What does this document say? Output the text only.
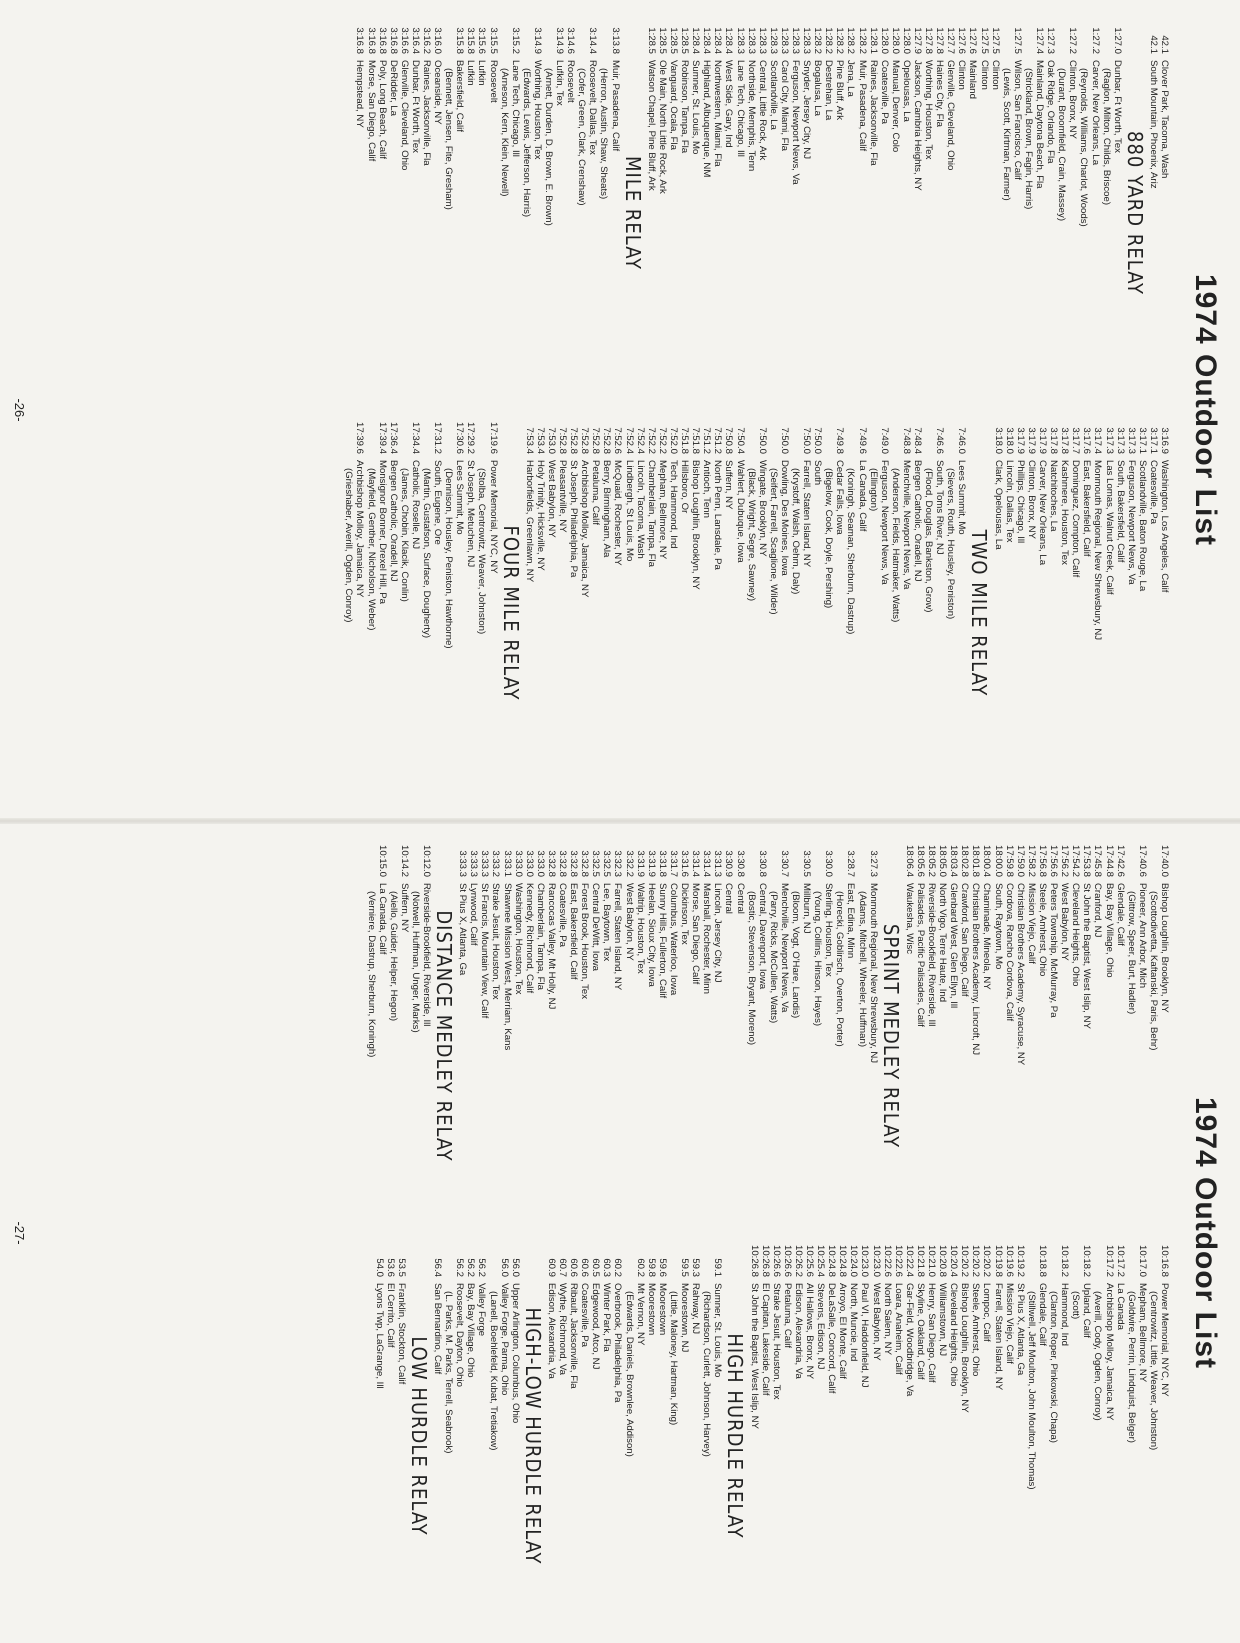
1974 Outdoor List
42.1
Clover Park, Tacoma, Wash
42.1
South Mountain, Phoenix, Ariz
880 YARD RELAY
1:27.0
Dunbar, Ft Worth, Tex
(Raglon, Milton, Childs, Briscoe)
1:27.2
Carver, New Orleans, La
(Reynolds, Williams, Charlot, Woods)
1:27.2
Clinton, Bronx, NY
(Durant, Broomfield, Crain, Massey)
1:27.3
Oak Ridge, Orlando, Fla
1:27.4
Mainland, Daytona Beach, Fla
(Strickland, Brown, Fagin, Harris)
1:27.5
Wilson, San Francisco, Calif
(Lewis, Scott, Kirtman, Farmer)
1:27.5
Clinton
1:27.5
Clinton
1:27.6
Mainland
1:27.6
Clinton
1:27.7
Glenville, Cleveland, Ohio
1:27.8
Haines City, Fla
1:27.8
Worthing, Houston, Tex
1:27.9
Jackson, Cambria Heights, NY
1:28.0
Opelousas, La
1:28.0
Manual, Denver, Colo
1:28.0
Coatesville, Pa
1:28.1
Raines, Jacksonville, Fla
1:28.2
Muir, Pasadena, Calif
1:28.2
Jena, La
1:28.2
Pine Bluff, Ark
1:28.2
Destrehan, La
1:28.2
Bogalusa, La
1:28.3
Snyder, Jersey City, NJ
1:28.3
Ferguson, Newport News, Va
1:28.3
Carol City, Miami, Fla
1:28.3
Scotlandville, La
1:28.3
Central, Little Rock, Ark
1:28.3
Northside, Memphis, Tenn
1:28.3
Lane Tech, Chicago, Ill
1:28.4
West Side, Gary, Ind
1:28.4
Northwestern, Miami, Fla
1:28.4
Highland, Albuquerque, NM
1:28.4
Sumner, St. Louis, Mo
1:28.5
Robinson, Tampa, Fla
1:28.5
Vanguard, Ocala, Fla
1:28.5
Ole Main, North Little Rock, Ark
1:28.5
Watson Chapel, Pine Bluff, Ark
MILE RELAY
3:13.8
Muir, Pasadena, Calif
(Herron, Austin, Shaw, Sheats)
3:14.4
Roosevelt, Dallas, Tex
(Cofer, Green, Clark, Crenshaw)
3:14.6
Roosevelt
3:14.9
Lufkin, Tex
(Arnett, Durden, D. Brown, E. Brown)
3:14.9
Worthing, Houston, Tex
(Edwards, Lewis, Jefferson, Harris)
3:15.2
Lane Tech, Chicago, Ill
(Arneson, Kern, Klein, Newell)
3:15.5
Roosevelt
3:15.6
Lufkin
3:15.8
Lufkin
3:15.8
Bakersfield, Calif
(Bennett, Jensen, Fite, Gresham)
3:16.0
Oceanside, NY
3:16.2
Raines, Jacksonville, Fla
3:16.4
Dunbar, Ft Worth, Tex
3:16.6
Glenville, Cleveland, Ohio
3:16.8
DeRidder, La
3:16.8
Poly, Long Beach, Calif
3:16.8
Morse, San Diego, Calif
3:16.8
Hempstead, NY
3:16.9
Washington, Los Angeles, Calif
3:17.1
Coatesville, Pa
3:17.1
Scotlandville, Baton Rouge, La
3:17.3
Ferguson, Newport News, Va
3:17.3
South, Bakersfield, Calif
3:17.3
Las Lomas, Walnut Creek, Calif
3:17.4
Monmouth Regional, New Shrewsbury, NJ
3:17.6
East, Bakersfield, Calif
3:17.7
Dominguez, Compton, Calif
3:17.8
Kashmere, Houston, Tex
3:17.8
Natchitoches, La
3:17.9
Carver, New Orleans, La
3:17.9
Clinton, Bronx, NY
3:17.9
Phillips, Chicago, Ill
3:18.0
Lincoln, Dallas, Tex
3:18.0
Clark, Opelousas, La
TWO MILE RELAY
7:46.0
Lees Summit, Mo
(Sievers, Routh, Housley, Peniston)
7:46.6
South, Toms River, NJ
(Flood, Douglas, Bankston, Grow)
7:48.4
Bergen Catholic, Oradell, NJ
7:48.8
Menchville, Newport News, Va
(Anderson, Fields, Hatmaker, Watts)
7:49.0
Ferguson, Newport News, Va
(Ellington)
7:49.6
La Canada, Calif
(Koningh, Seaman, Sherburn, Dastrup)
7:49.8
Cedar Falls, Iowa
(Bigelow, Cook, Doyle, Pershing)
7:50.0
South
7:50.0
Farrell, Staten Island, NY
(Krystoff, Walsh, Oehm, Daly)
7:50.0
Dowling, Des Moines, Iowa
(Seifert, Farrell, Scaglione, Wilder)
7:50.0
Wingate, Brooklyn, NY
(Black, Wright, Segre, Sawney)
7:50.4
Wahlert, Dubuque, Iowa
7:50.8
Suffern, NY
7:51.2
North Penn, Lansdale, Pa
7:51.2
Antioch, Tenn
7:51.8
Bishop Loughlin, Brooklyn, NY
7:51.8
Hillsboro, Or
7:52.0
Tech, Hammond, Ind
7:52.2
Mepham, Bellmore, NY
7:52.2
Chamberlain, Tampa, Fla
7:52.4
Lincoln, Tacoma, Wash
7:52.4
Lindbergh, St Louis, Mo
7:52.6
McQuaid, Rochester, NY
7:52.8
Berry, Birmingham, Ala
7:52.8
Petaluma, Calif
7:52.8
Archbishop Molloy, Jamaica, NY
7:52.8
St Joseph, Philadelphia, Pa
7:52.8
Pleasantville, NY
7:53.0
West Babylon, NY
7:53.4
Holy Trinity, Hicksville, NY
7:53.4
Harborfields, Greenlawn, NY
FOUR MILE RELAY
17:19.6
Power Memorial, NYC, NY
(Stolba, Centrowitz, Weaver, Johnston)
17:29.2
St Joseph, Metuchen, NJ
17:30.6
Lees Summit, Mo
(Dennison, Housley, Peniston, Hawthorne)
17:31.2
South, Eugene, Ore
(Martin, Gustafson, Surface, Dougherty)
17:34.4
Catholic, Roselle, NJ
(James, Chobin, Klacik, Conlin)
17:36.4
Bergen Catholic, Oradell, NJ
17:39.4
Monsignor Bonner, Drexel Hill, Pa
(Mayfield, Genther, Nicholson, Weber)
17:39.6
Archbishop Molloy, Jamaica, NY
(Grieshaber, Averill, Ogden, Conroy)
-26-
1974 Outdoor List
17:40.0
Bishop Loughlin, Brooklyn, NY
(Scottodivetta, Kaftanski, Paris, Behr)
17:40.6
Pioneer, Ann Arbor, Mich
(Gittrow, Speer, Burt, Hadler)
17:42.6
Glendale, Calif
17:44.8
Bay, Bay Village, Ohio
17:45.8
Cranford, NJ
17:53.8
St John the Baptist, West Islip, NY
17:54.2
Cleveland Heights, Ohio
17:56.2
West Babylon, NY
17:56.6
Peters Township, McMurray, Pa
17:56.8
Steele, Amherst, Ohio
17:58.2
Mission Viejo, Calif
17:59.0
Christian Brothers Academy, Syracuse, NY
17:59.8
Cordova, Rancho Cordova, Calif
18:00.0
South, Raytown, Mo
18:00.4
Chaminade, Mineola, NY
18:01.8
Christian Brothers Academy, Lincroft, NJ
18:02.8
Crawford, San Diego, Calif
18:03.4
Glenbard West, Glen Ellyn, Ill
18:05.0
North Vigo, Terre Haute, Ind
18:05.2
Riverside-Brookfield, Riverside, Ill
18:05.6
Palisades, Pacific Palisades, Calif
18:06.4
Waukesha, Wisc
SPRINT MEDLEY RELAY
3:27.3
Monmouth Regional, New Shrewsbury, NJ
(Adams, Mitchell, Wheeler, Huffman)
3:28.7
East, Edina, Minn
(Horecki, Goblirsch, Overton, Porter)
3:30.0
Sterling, Houston, Tex
(Young, Collins, Hinson, Hayes)
3:30.5
Millburn, NJ
(Bloom, Vogt, O'Hare, Landis)
3:30.7
Menchville, Newport News, Va
(Parry, Ricks, McCullen, Watts)
3:30.8
Central, Davenport, Iowa
(Bostic, Stevenson, Bryant, Moreno)
3:30.8
Central
3:30.9
Central
3:31.3
Lincoln, Jersey City, NJ
3:31.4
Marshall, Rochester, Minn
3:31.4
Morse, San Diego, Calif
3:31.6
Dickinson, Tex
3:31.7
Columbus, Waterloo, Iowa
3:31.8
Sunny Hills, Fullerton, Calif
3:31.9
Heelan, Sioux City, Iowa
3:31.9
Waltrip, Houston, Tex
3:32.2
West Babylon, NY
3:32.3
Farrell, Staten Island, NY
3:32.5
Lee, Baytown, Tex
3:32.5
Central DeWitt, Iowa
3:32.8
Forest Brook, Houston, Tex
3:32.8
East, Bakersfield, Calif
3:32.8
Coatesville, Pa
3:32.8
Rancocas Valley, Mt Holly, NJ
3:33.0
Chamberlain, Tampa, Fla
3:33.0
Kennedy, Richmond, Calif
3:33.0
Washington, Houston, Tex
3:33.1
Shawnee Mission West, Merriam, Kans
3:33.2
Strake Jesuit, Houston, Tex
3:33.3
St Francis, Mountain View, Calif
3:33.3
Lynwood, Calif
3:33.3
St Pius X, Atlanta, Ga
DISTANCE MEDLEY RELAY
10:12.0
Riverside-Brookfield, Riverside, Ill
(Notwell, Huffman, Unger, Marks)
10:14.2
Suffern, NY
(Aiello, Guider, Helper, Hegon)
10:15.0
La Canada, Calif
(Verniere, Dastrup, Sherburn, Koningh)
10:16.8
Power Memorial, NYC, NY
(Centrowitz, Little, Weaver, Johnston)
10:17.0
Mepham, Bellmore, NY
(Goldwire, Perrin, Lindquist, Belger)
10:17.2
La Canada
10:17.2
Archbishop Molloy, Jamaica, NY
(Averill, Cody, Ogden, Conroy)
10:18.2
Upland, Calif
(Scott)
10:18.2
Hammond, Ind
(Clanton, Roper, Pinkowski, Chapa)
10:18.8
Glendale, Calif
(Stillwell, Jeff Moulton, John Moulton, Thomas)
10:19.2
St Pius X, Atlanta, Ga
10:19.6
Mission Viejo, Calif
10:19.8
Farrell, Staten Island, NY
10:20.2
Lompoc, Calif
10:20.2
Steele, Amherst, Ohio
10:20.2
Bishop Loughlin, Brooklyn, NY
10:20.4
Cleveland Heights, Ohio
10:20.8
Williamstown, NJ
10:21.0
Henry, San Diego, Calif
10:21.8
Skyline, Oakland, Calif
10:22.4
Gar-Field, Woodbridge, Va
10:22.6
Loara, Anaheim, Calif
10:22.6
North Salem, NY
10:23.0
West Babylon, NY
10:23.0
Paul VI, Haddonfield, NJ
10:24.0
North, Muncie, Ind
10:24.8
Arroyo, El Monte, Calif
10:24.8
DeLaSalle, Concord, Calif
10:25.4
Stevens, Edison, NJ
10:25.6
All Hallows, Bronx, NY
10:26.2
Edison, Alexandria, Va
10:26.6
Petaluma, Calif
10:26.6
Strake Jesuit, Houston, Tex
10:26.8
El Capitan, Lakeside, Calif
10:26.8
St John the Baptist, West Islip, NY
HIGH HURDLE RELAY
59.1
Sumner, St. Louis, Mo
(Richardson, Curlett, Johnson, Harvey)
59.3
Rahway, NJ
59.5
Moorestown, NJ
(Little, Maloney, Hartman, King)
59.6
Moorestown
59.8
Moorestown
60.2
Mt Vernon, NY
(Edwards, Daniels, Brownlee, Addison)
60.2
Overbrook, Philadelphia, Pa
60.3
Winter Park, Fla
60.5
Edgewood, Atco, NJ
60.6
Coatesville, Pa
60.6
Ribault, Jacksonville, Fla
60.7
Wythe, Richmond, Va
60.9
Edison, Alexandria, Va
HIGH-LOW HURDLE RELAY
56.0
Upper Arlington, Columbus, Ohio
56.0
Valley Forge, Parma, Ohio
(Lanell, Boehlefeld, Kubat, Tretiakow)
56.2
Valley Forge
56.2
Bay, Bay Village, Ohio
56.2
Roosevelt, Dayton, Ohio
(L. Parks, M. Parks, Terrell, Seabrook)
56.4
San Bernardino, Calif
LOW HURDLE RELAY
53.5
Franklin, Stockton, Calif
53.6
El Cerrito, Calif
54.0
Lyons Twp, LaGrange, Ill
-27-
